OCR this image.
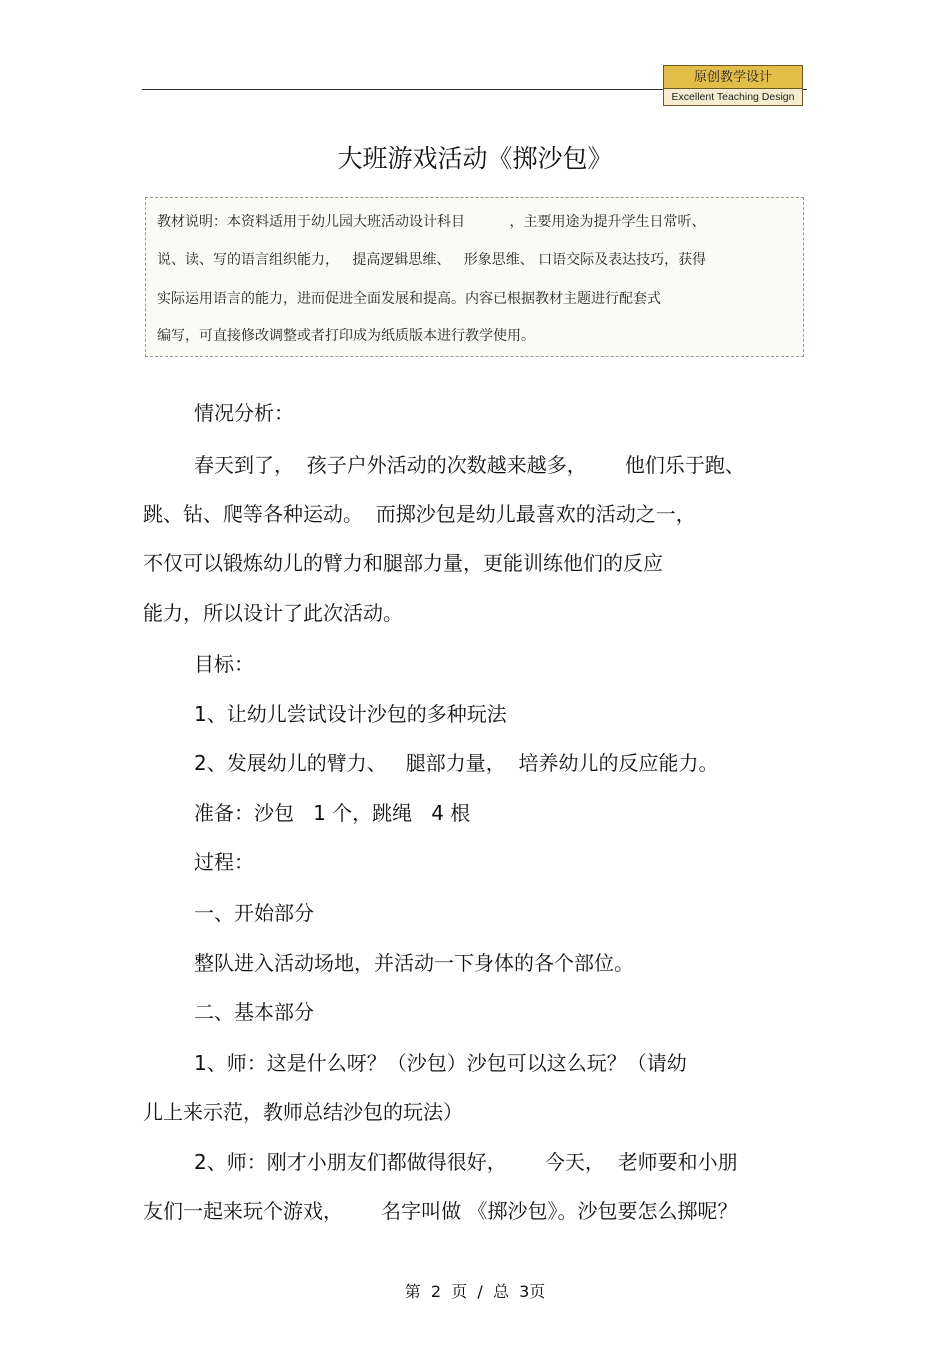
原创教学设计
Excellent Teaching Design
大班游戏活动《掷沙包》
教材说明：本资料适用于幼儿园大班活动设计科目          ，主要用途为提升学生日常听、
说、读、写的语言组织能力，   提高逻辑思维、   形象思维、 口语交际及表达技巧，获得
实际运用语言的能力，进而促进全面发展和提高。内容已根据教材主题进行配套式
编写，可直接修改调整或者打印成为纸质版本进行教学使用。
情况分析：
春天到了，  孩子户外活动的次数越来越多，      他们乐于跑、
跳、钻、爬等各种运动。  而掷沙包是幼儿最喜欢的活动之一，
不仅可以锻炼幼儿的臂力和腿部力量，更能训练他们的反应
能力，所以设计了此次活动。
目标：
1、让幼儿尝试设计沙包的多种玩法
2、发展幼儿的臂力、   腿部力量，  培养幼儿的反应能力。
准备：沙包   1 个，跳绳   4 根
过程：
一、开始部分
整队进入活动场地，并活动一下身体的各个部位。
二、基本部分
1、师：这是什么呀？（沙包）沙包可以这么玩？（请幼
儿上来示范，教师总结沙包的玩法）
2、师：刚才小朋友们都做得很好，      今天，  老师要和小朋
友们一起来玩个游戏，      名字叫做 《掷沙包》。沙包要怎么掷呢？
第  2  页  /  总  3页
